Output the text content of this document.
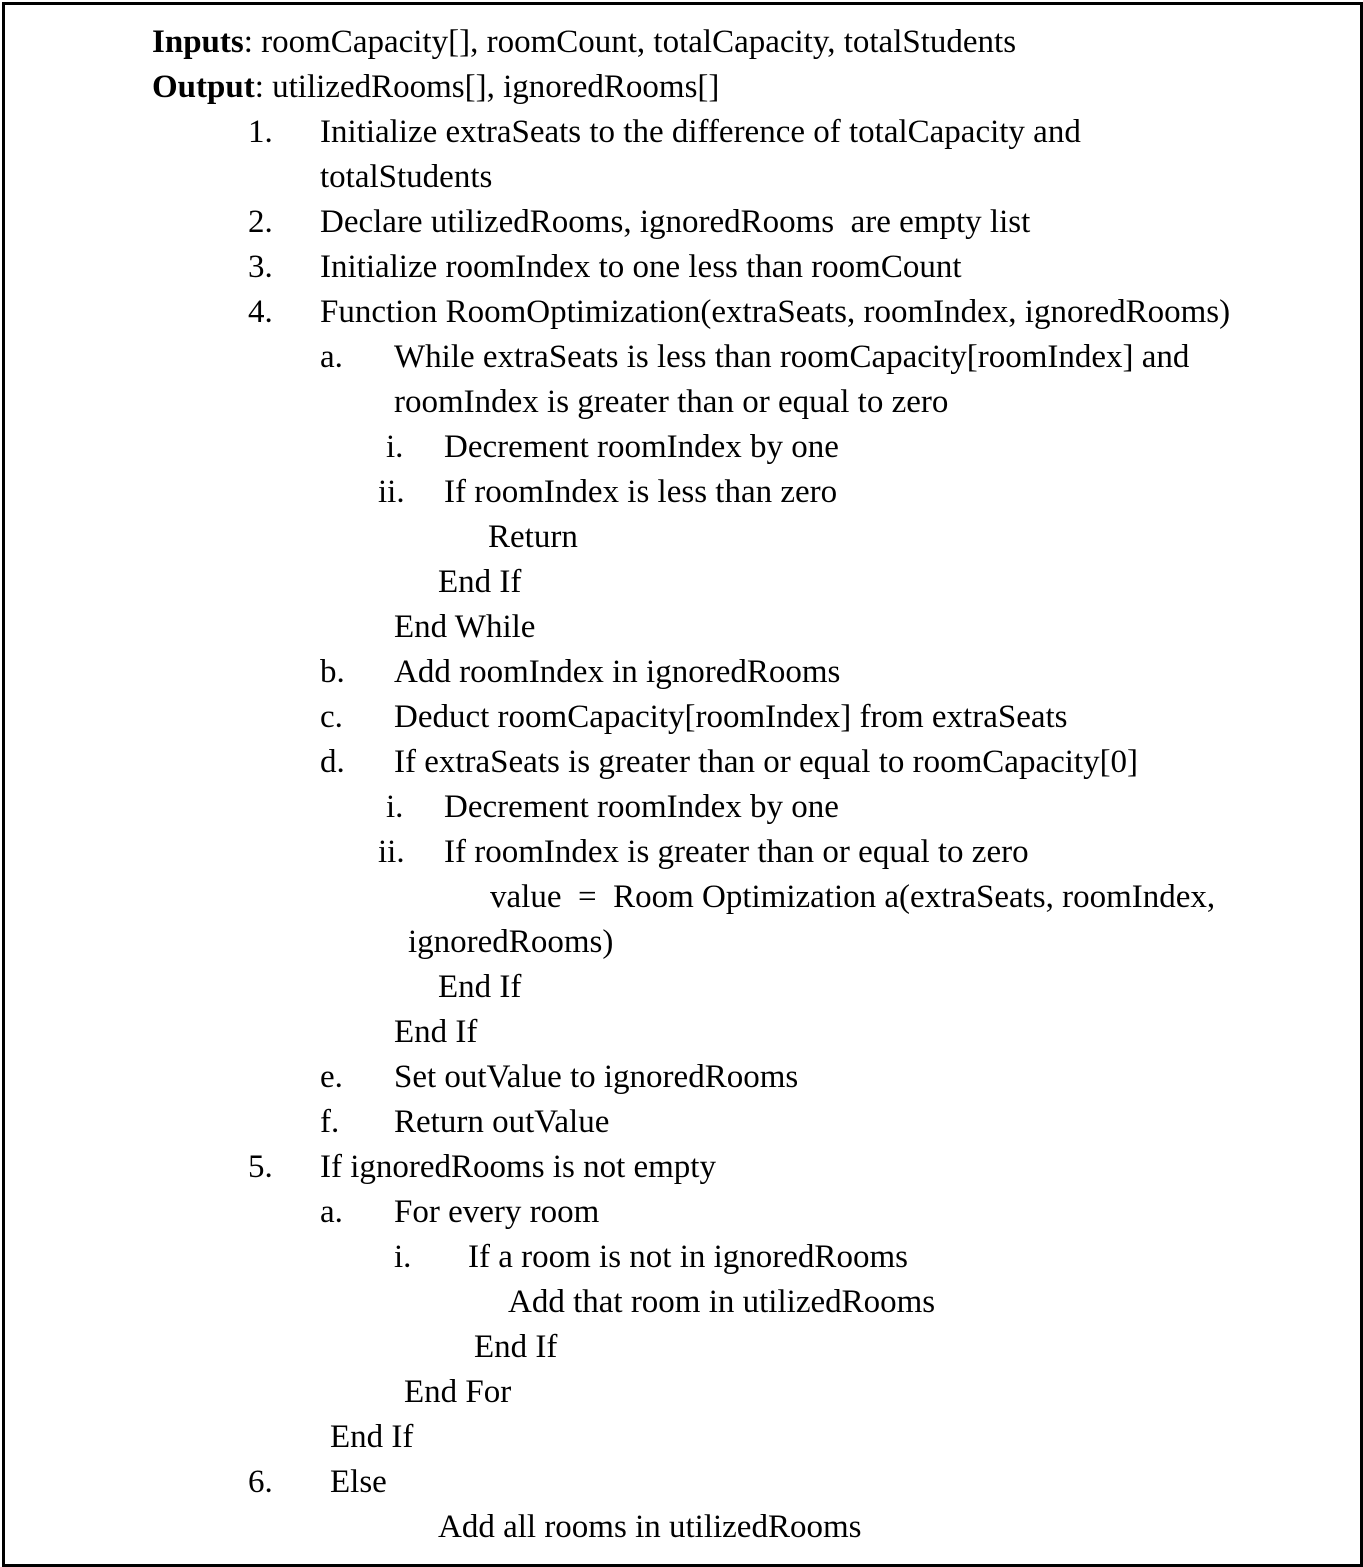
Inputs: roomCapacity[], roomCount, totalCapacity, totalStudents
Output: utilizedRooms[], ignoredRooms[]
1. Initialize extraSeats to the difference of totalCapacity and
totalStudents
2. Declare utilizedRooms, ignoredRooms  are empty list
3. Initialize roomIndex to one less than roomCount
4. Function RoomOptimization(extraSeats, roomIndex, ignoredRooms)
a. While extraSeats is less than roomCapacity[roomIndex] and
roomIndex is greater than or equal to zero
i. Decrement roomIndex by one
ii. If roomIndex is less than zero
Return
End If
End While
b. Add roomIndex in ignoredRooms
c. Deduct roomCapacity[roomIndex] from extraSeats
d. If extraSeats is greater than or equal to roomCapacity[0]
i. Decrement roomIndex by one
ii. If roomIndex is greater than or equal to zero
value  =  Room Optimization a(extraSeats, roomIndex,
ignoredRooms)
End If
End If
e. Set outValue to ignoredRooms
f. Return outValue
5. If ignoredRooms is not empty
a. For every room
i. If a room is not in ignoredRooms
Add that room in utilizedRooms
End If
End For
End If
6. Else
Add all rooms in utilizedRooms
